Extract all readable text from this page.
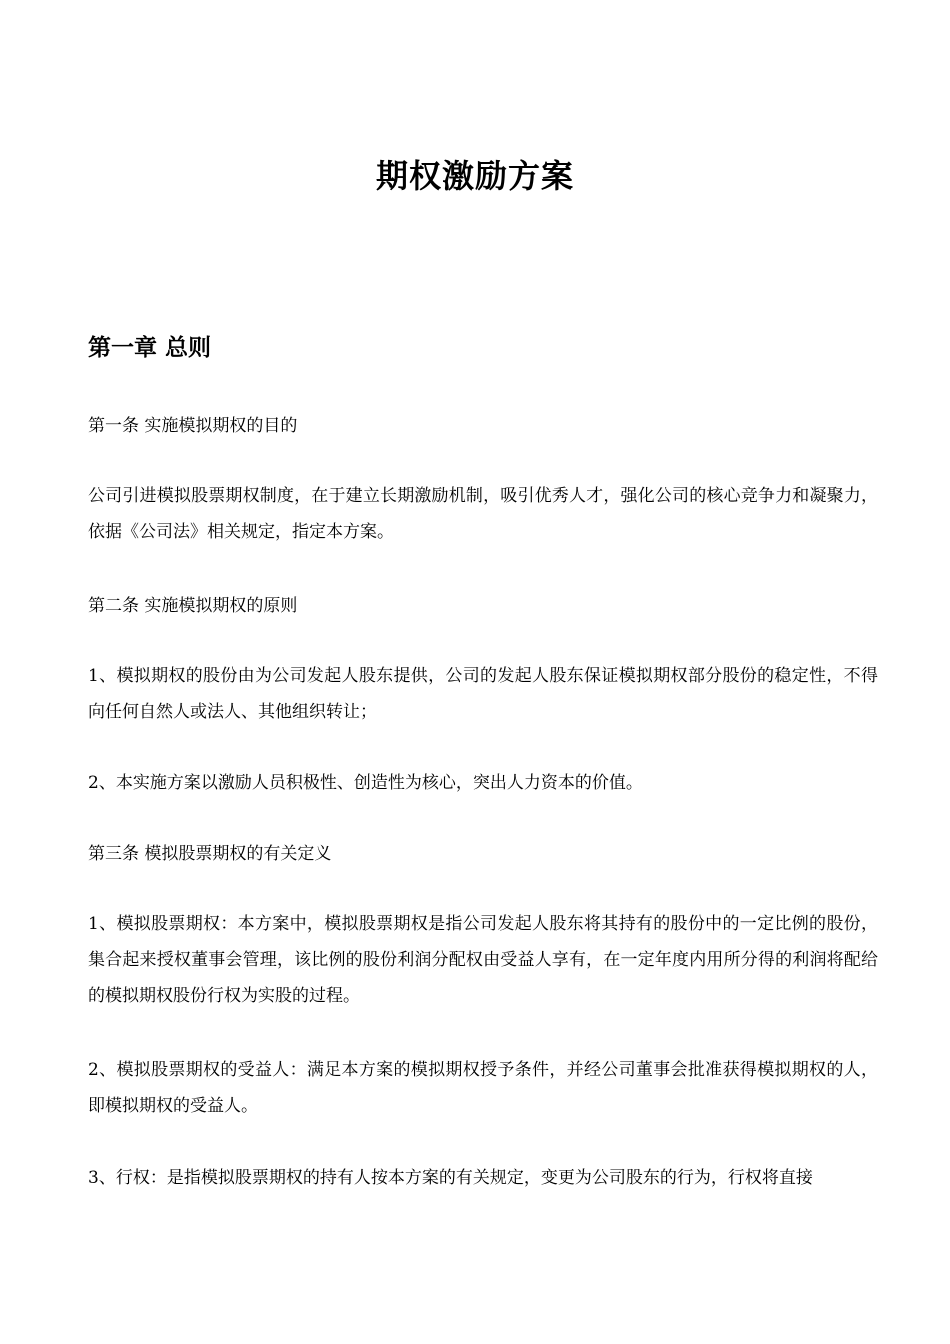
期权激励方案
第一章 总则
第一条 实施模拟期权的目的
公司引进模拟股票期权制度，在于建立长期激励机制，吸引优秀人才，强化公司的核心竞争力和凝聚力，依据《公司法》相关规定，指定本方案。
第二条 实施模拟期权的原则
1、模拟期权的股份由为公司发起人股东提供，公司的发起人股东保证模拟期权部分股份的稳定性，不得向任何自然人或法人、其他组织转让；
2、本实施方案以激励人员积极性、创造性为核心，突出人力资本的价值。
第三条 模拟股票期权的有关定义
1、模拟股票期权：本方案中，模拟股票期权是指公司发起人股东将其持有的股份中的一定比例的股份，集合起来授权董事会管理，该比例的股份利润分配权由受益人享有，在一定年度内用所分得的利润将配给的模拟期权股份行权为实股的过程。
2、模拟股票期权的受益人：满足本方案的模拟期权授予条件，并经公司董事会批准获得模拟期权的人，即模拟期权的受益人。
3、行权：是指模拟股票期权的持有人按本方案的有关规定，变更为公司股东的行为，行权将直接
